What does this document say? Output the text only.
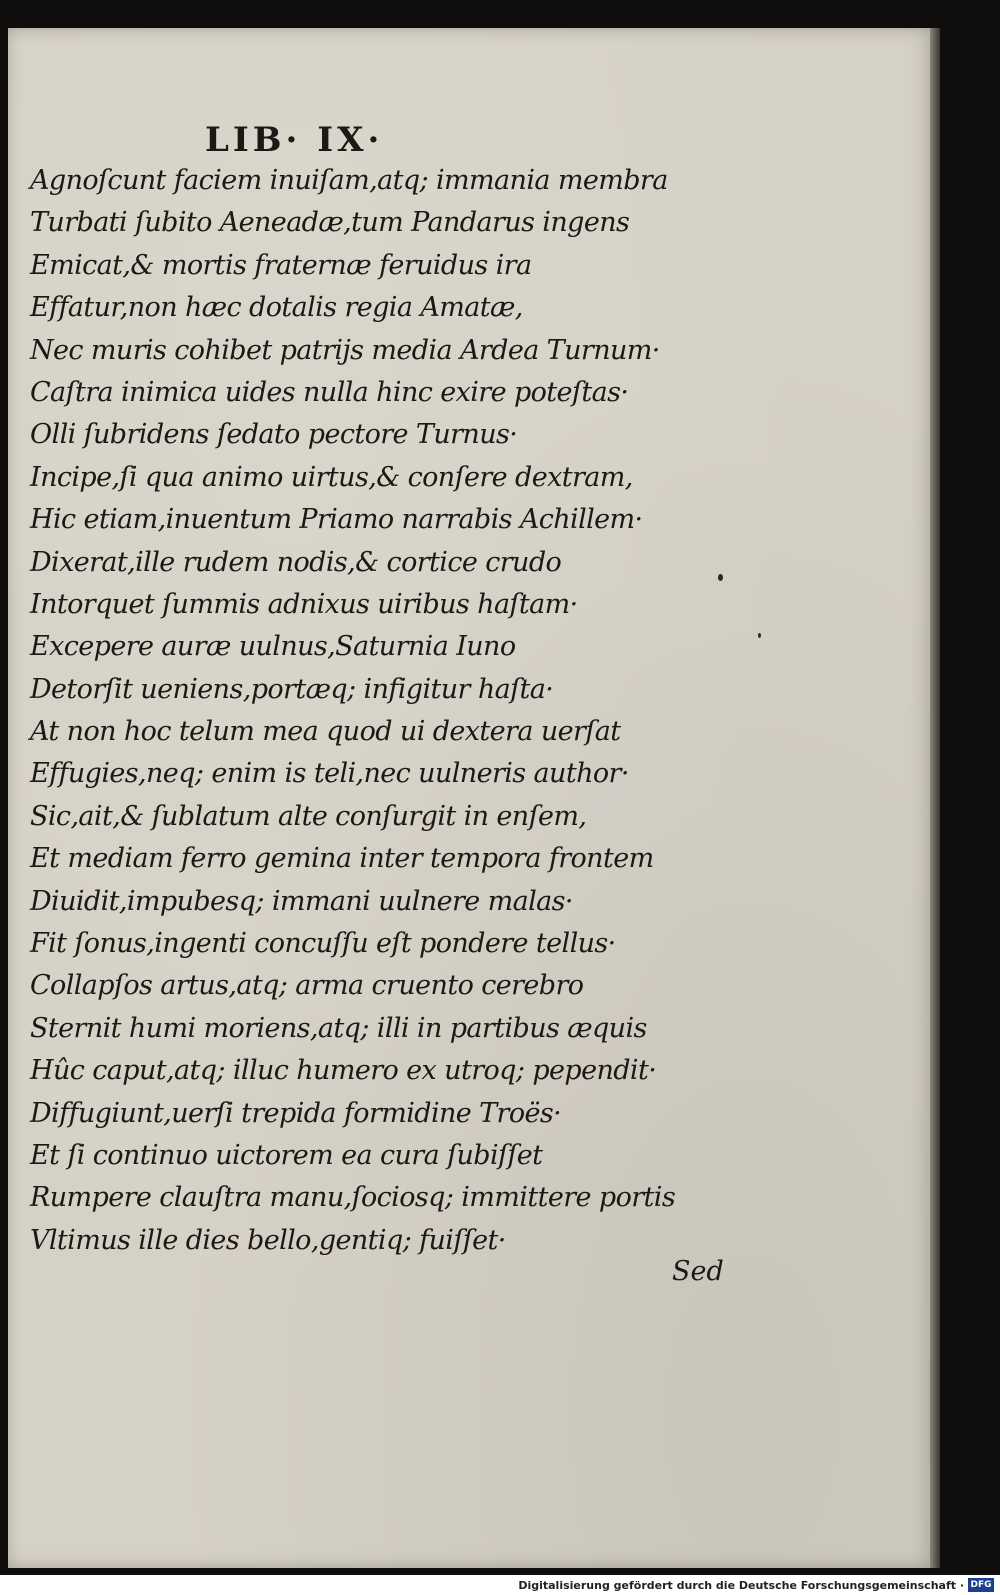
LIB· IX·
Agnoſcunt faciem inuiſam,atq; immania membra
Turbati ſubito Aeneadæ,tum Pandarus ingens
Emicat,& mortis fraternæ feruidus ira
Effatur,non hæc dotalis regia Amatæ,
Nec muris cohibet patrijs media Ardea Turnum·
Caſtra inimica uides nulla hinc exire poteſtas·
Olli ſubridens ſedato pectore Turnus·
Incipe,ſi qua animo uirtus,& conſere dextram,
Hic etiam,inuentum Priamo narrabis Achillem·
Dixerat,ille rudem nodis,& cortice crudo
Intorquet ſummis adnixus uiribus haſtam·
Excepere auræ uulnus,Saturnia Iuno
Detorſit ueniens,portæq; infigitur haſta·
At non hoc telum mea quod ui dextera uerſat
Effugies,neq; enim is teli,nec uulneris author·
Sic,ait,& ſublatum alte conſurgit in enſem,
Et mediam ferro gemina inter tempora frontem
Diuidit,impubesq; immani uulnere malas·
Fit ſonus,ingenti concuſſu eſt pondere tellus·
Collapſos artus,atq; arma cruento cerebro
Sternit humi moriens,atq; illi in partibus æquis
Hûc caput,atq; illuc humero ex utroq; pependit·
Diffugiunt,uerſi trepida formidine Troës·
Et ſi continuo uictorem ea cura ſubiſſet
Rumpere clauſtra manu,ſociosq; immittere portis
Vltimus ille dies bello,gentiq; fuiſſet·
Sed
Digitalisierung gefördert durch die Deutsche Forschungsgemeinschaft · DFG
